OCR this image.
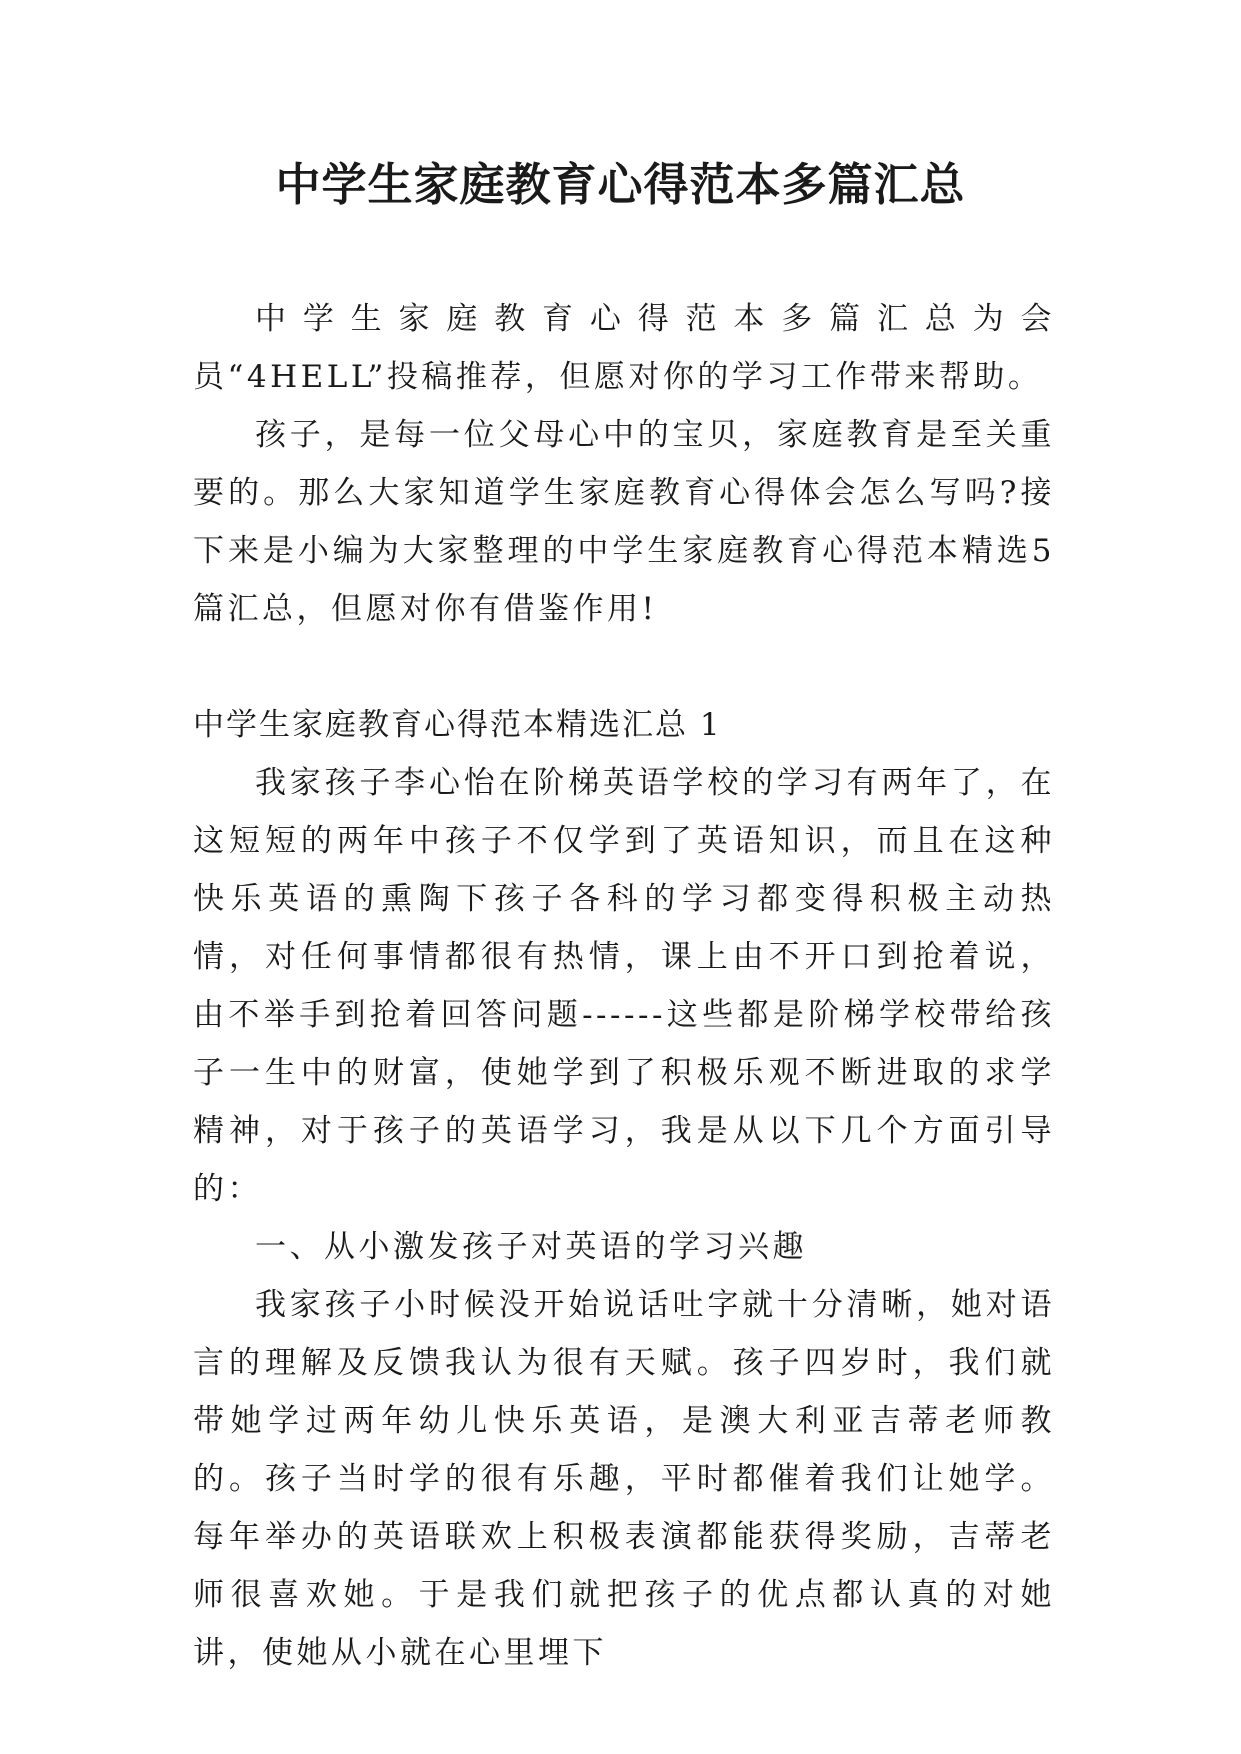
中学生家庭教育心得范本多篇汇总

中学生家庭教育心得范本多篇汇总为会员“4HELL”投稿推荐，但愿对你的学习工作带来帮助。

孩子，是每一位父母心中的宝贝，家庭教育是至关重要的。那么大家知道学生家庭教育心得体会怎么写吗?接下来是小编为大家整理的中学生家庭教育心得范本精选5篇汇总，但愿对你有借鉴作用!

中学生家庭教育心得范本精选汇总 1

我家孩子李心怡在阶梯英语学校的学习有两年了，在这短短的两年中孩子不仅学到了英语知识，而且在这种快乐英语的熏陶下孩子各科的学习都变得积极主动热情，对任何事情都很有热情，课上由不开口到抢着说，由不举手到抢着回答问题------这些都是阶梯学校带给孩子一生中的财富，使她学到了积极乐观不断进取的求学精神，对于孩子的英语学习，我是从以下几个方面引导的：

一、从小激发孩子对英语的学习兴趣

我家孩子小时候没开始说话吐字就十分清晰，她对语言的理解及反馈我认为很有天赋。孩子四岁时，我们就带她学过两年幼儿快乐英语，是澳大利亚吉蒂老师教的。孩子当时学的很有乐趣，平时都催着我们让她学。每年举办的英语联欢上积极表演都能获得奖励，吉蒂老师很喜欢她。于是我们就把孩子的优点都认真的对她讲，使她从小就在心里埋下
